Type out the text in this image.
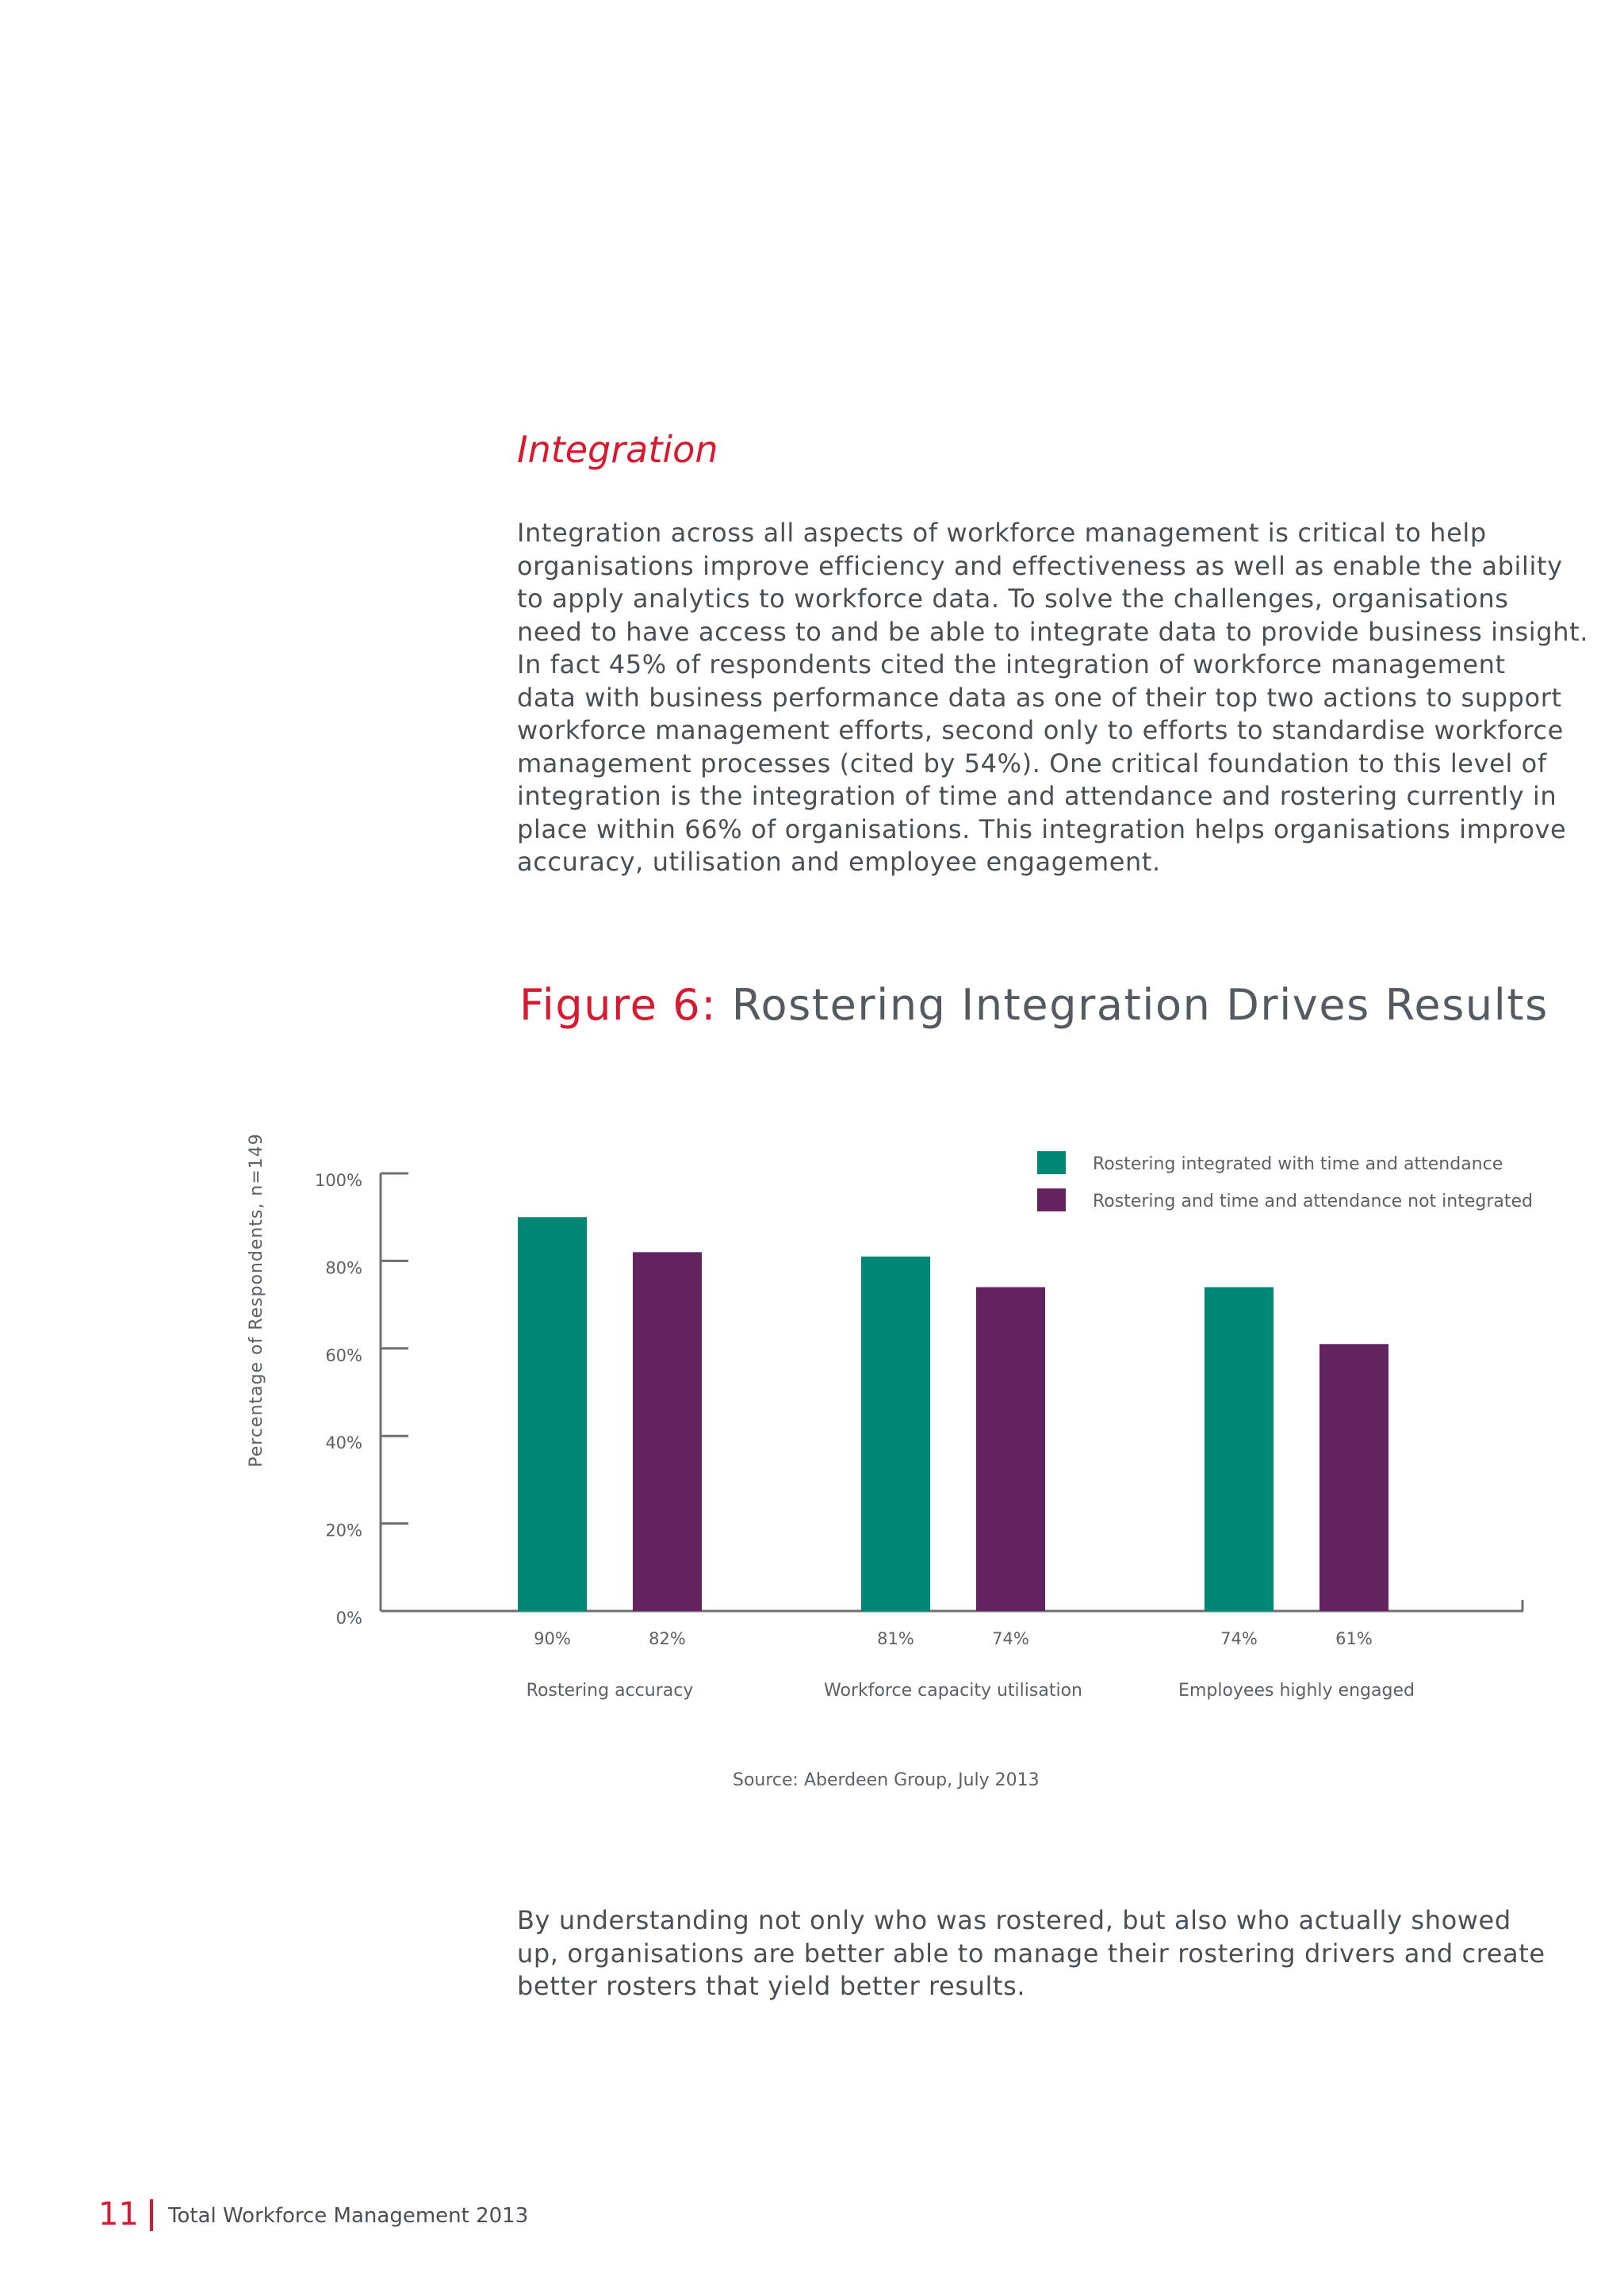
Integration
Integration across all aspects of workforce management is critical to help
organisations improve efficiency and effectiveness as well as enable the ability
to apply analytics to workforce data. To solve the challenges, organisations
need to have access to and be able to integrate data to provide business insight.
In fact 45% of respondents cited the integration of workforce management
data with business performance data as one of their top two actions to support
workforce management efforts, second only to efforts to standardise workforce
management processes (cited by 54%). One critical foundation to this level of
integration is the integration of time and attendance and rostering currently in
place within 66% of organisations. This integration helps organisations improve
accuracy, utilisation and employee engagement.
Figure 6: Rostering Integration Drives Results
0%
20%
40%
60%
80%
100%
90%	82%
Rostering accuracy
81%	74%
Workforce capacity utilisation
74%	61%
Employees highly engaged
Rostering integrated with time and attendance
Rostering and time and attendance not integrated
Percentage of Respondents, n=149
Source: Aberdeen Group, July 2013
By understanding not only who was rostered, but also who actually showed
up, organisations are better able to manage their rostering drivers and create
better rosters that yield better results.
11 Total Workforce Management 2013
